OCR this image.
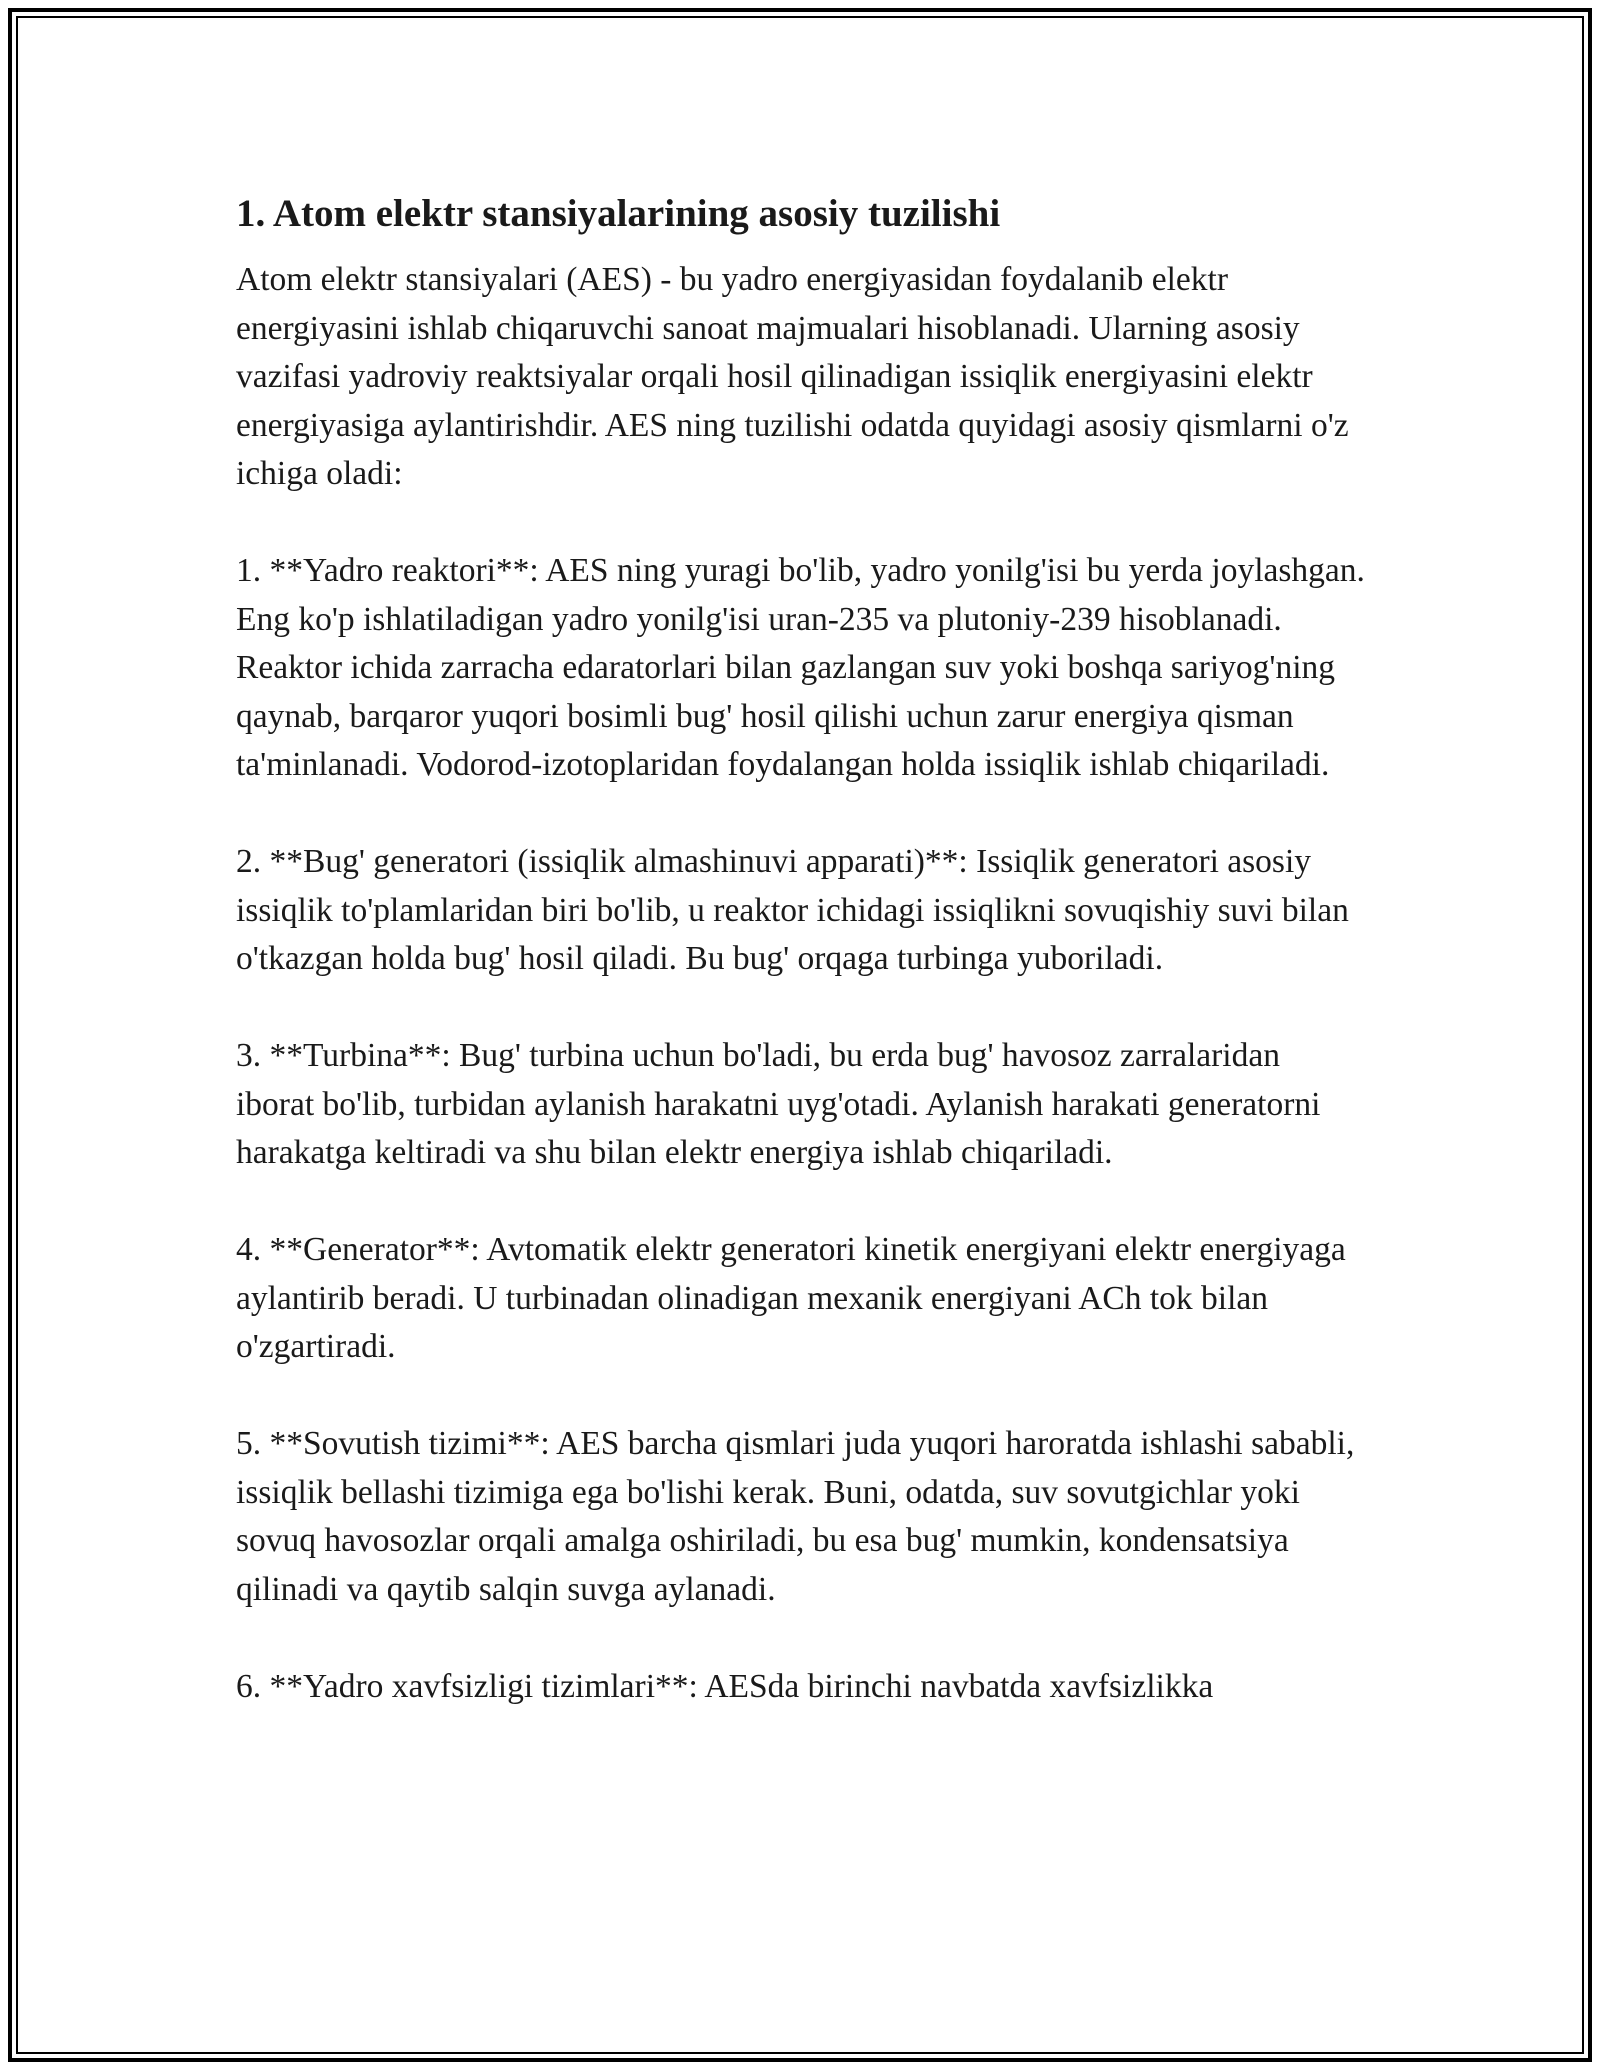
1. Atom elektr stansiyalarining asosiy tuzilishi

Atom elektr stansiyalari (AES) - bu yadro energiyasidan foydalanib elektr energiyasini ishlab chiqaruvchi sanoat majmualari hisoblanadi. Ularning asosiy vazifasi yadroviy reaktsiyalar orqali hosil qilinadigan issiqlik energiyasini elektr energiyasiga aylantirishdir. AES ning tuzilishi odatda quyidagi asosiy qismlarni o'z ichiga oladi:

1. **Yadro reaktori**: AES ning yuragi bo'lib, yadro yonilg'isi bu yerda joylashgan. Eng ko'p ishlatiladigan yadro yonilg'isi uran-235 va plutoniy-239 hisoblanadi. Reaktor ichida zarracha edaratorlari bilan gazlangan suv yoki boshqa sariyog'ning qaynab, barqaror yuqori bosimli bug' hosil qilishi uchun zarur energiya qisman ta'minlanadi. Vodorod-izotoplaridan foydalangan holda issiqlik ishlab chiqariladi.

2. **Bug' generatori (issiqlik almashinuvi apparati)**: Issiqlik generatori asosiy issiqlik to'plamlaridan biri bo'lib, u reaktor ichidagi issiqlikni sovuqishiy suvi bilan o'tkazgan holda bug' hosil qiladi. Bu bug' orqaga turbinga yuboriladi.

3. **Turbina**: Bug' turbina uchun bo'ladi, bu erda bug' havosoz zarralaridan iborat bo'lib, turbidan aylanish harakatni uyg'otadi. Aylanish harakati generatorni harakatga keltiradi va shu bilan elektr energiya ishlab chiqariladi.

4. **Generator**: Avtomatik elektr generatori kinetik energiyani elektr energiyaga aylantirib beradi. U turbinadan olinadigan mexanik energiyani ACh tok bilan o'zgartiradi.

5. **Sovutish tizimi**: AES barcha qismlari juda yuqori haroratda ishlashi sababli, issiqlik bellashi tizimiga ega bo'lishi kerak. Buni, odatda, suv sovutgichlar yoki sovuq havosozlar orqali amalga oshiriladi, bu esa bug' mumkin, kondensatsiya qilinadi va qaytib salqin suvga aylanadi.

6. **Yadro xavfsizligi tizimlari**: AESda birinchi navbatda xavfsizlikka
